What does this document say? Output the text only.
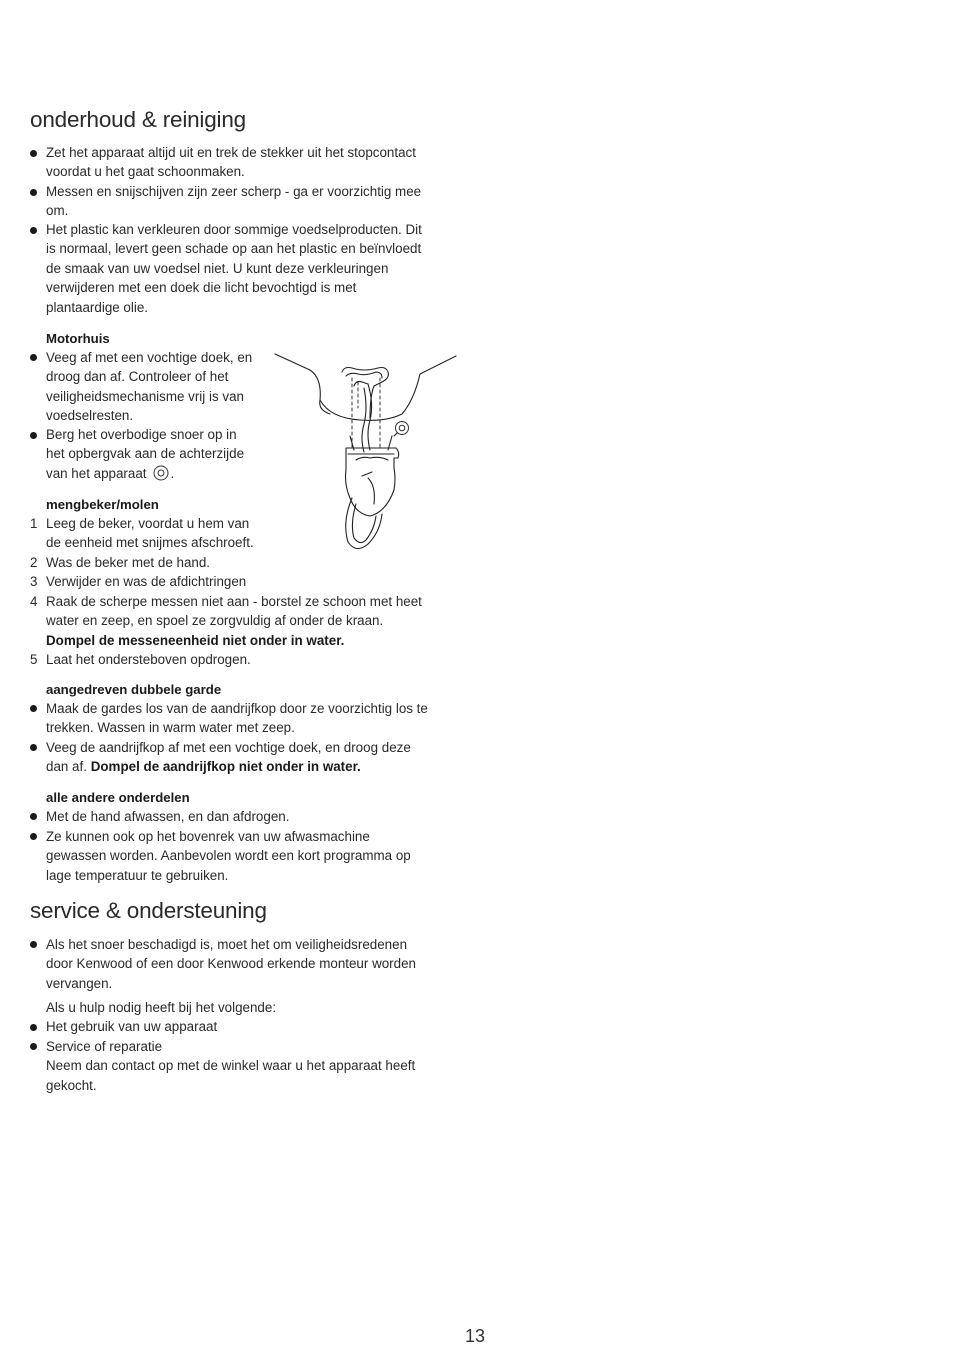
onderhoud & reiniging
Zet het apparaat altijd uit en trek de stekker uit het stopcontact
voordat u het gaat schoonmaken.
Messen en snijschijven zijn zeer scherp - ga er voorzichtig mee
om.
Het plastic kan verkleuren door sommige voedselproducten. Dit
is normaal, levert geen schade op aan het plastic en beïnvloedt
de smaak van uw voedsel niet. U kunt deze verkleuringen
verwijderen met een doek die licht bevochtigd is met
plantaardige olie.
Motorhuis
Veeg af met een vochtige doek, en
droog dan af. Controleer of het
veiligheidsmechanisme vrij is van
voedselresten.
Berg het overbodige snoer op in
het opbergvak aan de achterzijde
van het apparaat .
mengbeker/molen
1 Leeg de beker, voordat u hem van
de eenheid met snijmes afschroeft.
2 Was de beker met de hand.
3 Verwijder en was de afdichtringen
4 Raak de scherpe messen niet aan - borstel ze schoon met heet
water en zeep, en spoel ze zorgvuldig af onder de kraan.
Dompel de messeneenheid niet onder in water.
5 Laat het ondersteboven opdrogen.
aangedreven dubbele garde
Maak de gardes los van de aandrijfkop door ze voorzichtig los te
trekken. Wassen in warm water met zeep.
Veeg de aandrijfkop af met een vochtige doek, en droog deze
dan af. Dompel de aandrijfkop niet onder in water.
alle andere onderdelen
Met de hand afwassen, en dan afdrogen.
Ze kunnen ook op het bovenrek van uw afwasmachine
gewassen worden. Aanbevolen wordt een kort programma op
lage temperatuur te gebruiken.
service & ondersteuning
Als het snoer beschadigd is, moet het om veiligheidsredenen
door Kenwood of een door Kenwood erkende monteur worden
vervangen.
Als u hulp nodig heeft bij het volgende:
Het gebruik van uw apparaat
Service of reparatie
Neem dan contact op met de winkel waar u het apparaat heeft
gekocht.
13
